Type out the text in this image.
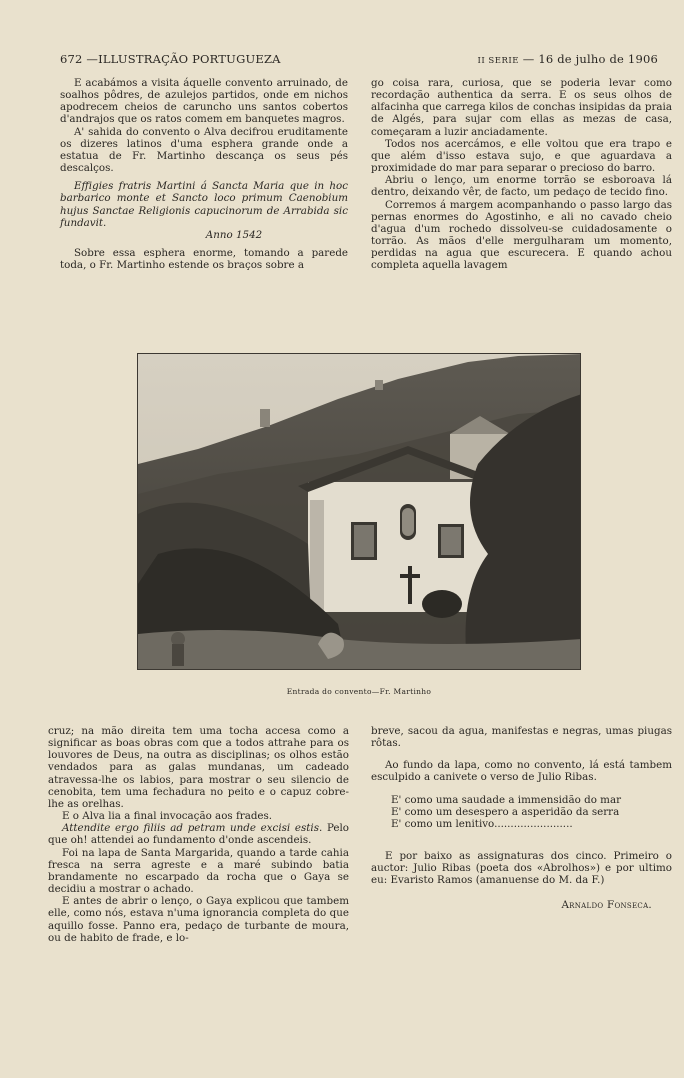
672 —ILLUSTRAÇÃO PORTUGUEZA	II SERIE — 16 de julho de 1906

E acabámos a visita áquelle convento arruinado, de soalhos pôdres, de azulejos partidos, onde em nichos apodrecem cheios de caruncho uns santos cobertos d'andrajos que os ratos comem em banquetes magros.

A' sahida do convento o Alva decifrou eruditamente os dizeres latinos d'uma esphera grande onde a estatua de Fr. Martinho descança os seus pés descalços.

Effigies fratris Martini á Sancta Maria que in hoc barbarico monte et Sancto loco primum Caenobium hujus Sanctae Religionis capucinorum de Arrabida sic fundavit.

Anno 1542

Sobre essa esphera enorme, tomando a parede toda, o Fr. Martinho estende os braços sobre a

go coisa rara, curiosa, que se poderia levar como recordação authentica da serra. E os seus olhos de alfacinha que carrega kilos de conchas insipidas da praia de Algés, para sujar com ellas as mezas de casa, começaram a luzir anciadamente.

Todos nos acercámos, e elle voltou que era trapo e que além d'isso estava sujo, e que aguardava a proximidade do mar para separar o precioso do barro.

Abriu o lenço, um enorme torrão se esboroava lá dentro, deixando vêr, de facto, um pedaço de tecido fino.

Corremos á margem acompanhando o passo largo das pernas enormes do Agostinho, e ali no cavado cheio d'agua d'um rochedo dissolveu-se cuidadosamente o torrão. As mãos d'elle mergulharam um momento, perdidas na agua que escurecera. E quando achou completa aquella lavagem

Entrada do convento—Fr. Martinho

cruz; na mão direita tem uma tocha accesa como a significar as boas obras com que a todos attrahe para os louvores de Deus, na outra as disciplinas; os olhos estão vendados para as galas mundanas, um cadeado atravessa-lhe os labios, para mostrar o seu silencio de cenobita, tem uma fechadura no peito e o capuz cobre-lhe as orelhas.

E o Alva lia a final invocação aos frades.

Attendite ergo filiis ad petram unde excisi estis. Pelo que oh! attendei ao fundamento d'onde ascendeis.

Foi na lapa de Santa Margarida, quando a tarde cahia fresca na serra agreste e a maré subindo batia brandamente no escarpado da rocha que o Gaya se decidiu a mostrar o achado.

E antes de abrir o lenço, o Gaya explicou que tambem elle, como nós, estava n'uma ignorancia completa do que aquillo fosse. Panno era, pedaço de turbante de moura, ou de habito de frade, e lo-

breve, sacou da agua, manifestas e negras, umas piugas rôtas.

Ao fundo da lapa, como no convento, lá está tambem esculpido a canivete o verso de Julio Ribas.

E' como uma saudade a immensidão do mar
E' como um desespero a asperidão da serra
E' como um lenitivo........................

E por baixo as assignaturas dos cinco. Primeiro o auctor: Julio Ribas (poeta dos «Abrolhos») e por ultimo eu: Evaristo Ramos (amanuense do M. da F.)

Arnaldo Fonseca.
